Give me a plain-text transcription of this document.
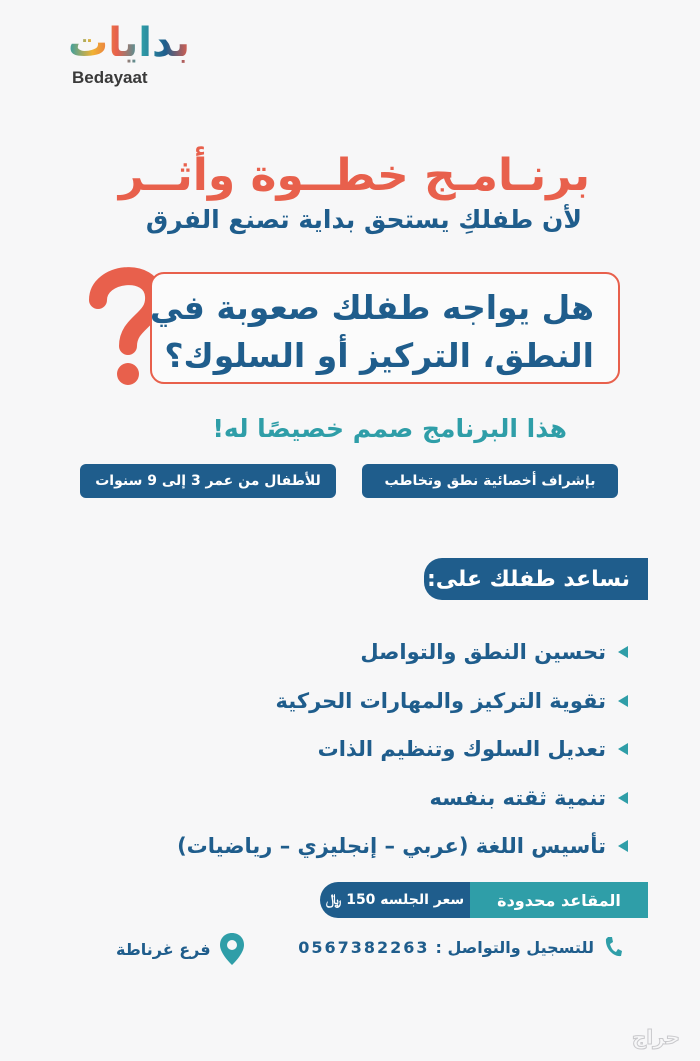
بدايات
Bedayaat
برنـامـج خطــوة وأثــر
لأن طفلكِ يستحق بداية تصنع الفرق
هل يواجه طفلك صعوبة في
النطق، التركيز أو السلوك؟
هذا البرنامج صمم خصيصًا له!
بإشراف أخصائية نطق وتخاطب
للأطفال من عمر 3 إلى 9 سنوات
نساعد طفلك على:
تحسين النطق والتواصل
تقوية التركيز والمهارات الحركية
تعديل السلوك وتنظيم الذات
تنمية ثقته بنفسه
تأسيس اللغة (عربي – إنجليزي – رياضيات)
سعر الجلسه 150 ﷼	المقاعد محدودة
للتسجيل والتواصل :
0567382263
فرع غرناطة
حراج
